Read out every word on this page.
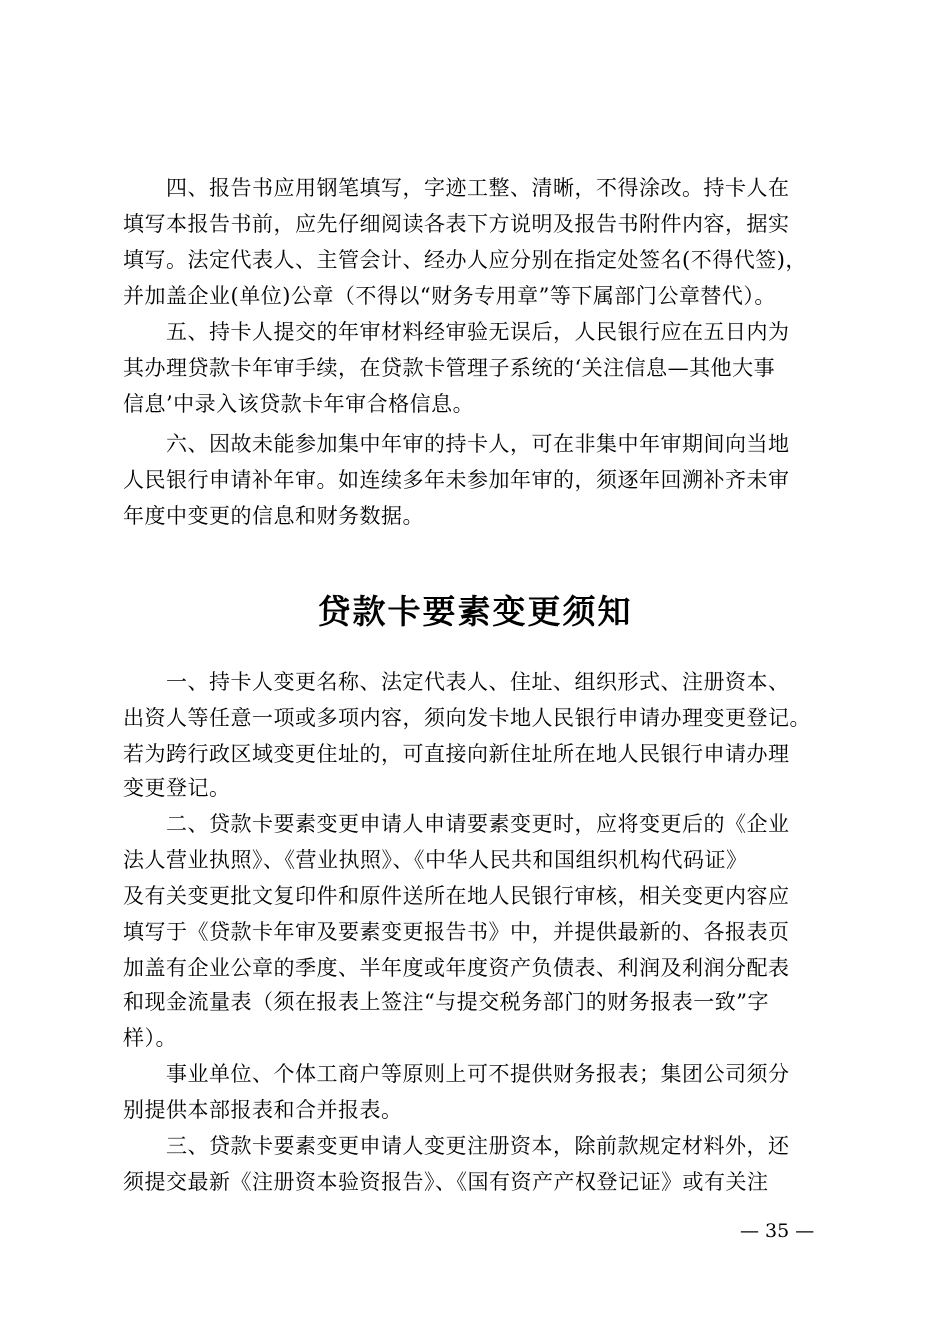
　　四、报告书应用钢笔填写，字迹工整、清晰，不得涂改。持卡人在
填写本报告书前，应先仔细阅读各表下方说明及报告书附件内容，据实
填写。法定代表人、主管会计、经办人应分别在指定处签名(不得代签)，
并加盖企业(单位)公章（不得以“财务专用章”等下属部门公章替代）。
　　五、持卡人提交的年审材料经审验无误后，人民银行应在五日内为
其办理贷款卡年审手续，在贷款卡管理子系统的‘关注信息—其他大事
信息’中录入该贷款卡年审合格信息。
　　六、因故未能参加集中年审的持卡人，可在非集中年审期间向当地
人民银行申请补年审。如连续多年未参加年审的，须逐年回溯补齐未审
年度中变更的信息和财务数据。
贷款卡要素变更须知
　　一、持卡人变更名称、法定代表人、住址、组织形式、注册资本、
出资人等任意一项或多项内容，须向发卡地人民银行申请办理变更登记。
若为跨行政区域变更住址的，可直接向新住址所在地人民银行申请办理
变更登记。
　　二、贷款卡要素变更申请人申请要素变更时，应将变更后的《企业
法人营业执照》、《营业执照》、《中华人民共和国组织机构代码证》
及有关变更批文复印件和原件送所在地人民银行审核，相关变更内容应
填写于《贷款卡年审及要素变更报告书》中，并提供最新的、各报表页
加盖有企业公章的季度、半年度或年度资产负债表、利润及利润分配表
和现金流量表（须在报表上签注“与提交税务部门的财务报表一致”字
样）。
　　事业单位、个体工商户等原则上可不提供财务报表；集团公司须分
别提供本部报表和合并报表。
　　三、贷款卡要素变更申请人变更注册资本，除前款规定材料外，还
须提交最新《注册资本验资报告》、《国有资产产权登记证》或有关注
— 35 —
